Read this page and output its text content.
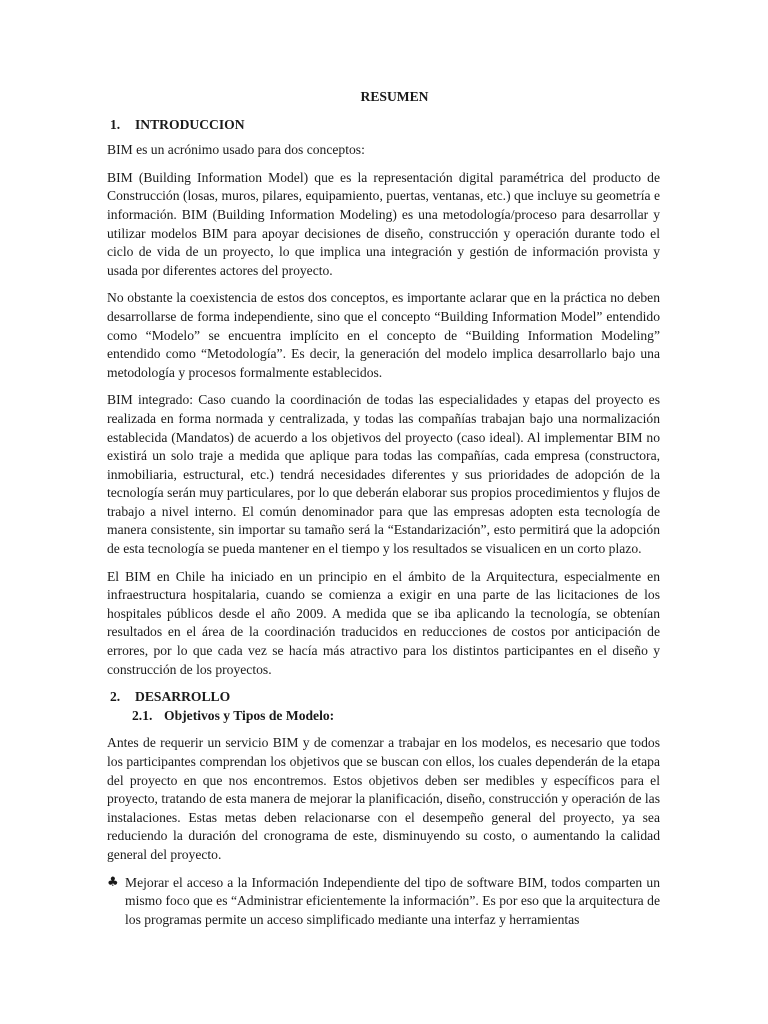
RESUMEN
1.	INTRODUCCION

BIM es un acrónimo usado para dos conceptos:

BIM (Building Information Model) que es la representación digital paramétrica del producto de Construcción (losas, muros, pilares, equipamiento, puertas, ventanas, etc.) que incluye su geometría e información. BIM (Building Information Modeling) es una metodología/proceso para desarrollar y utilizar modelos BIM para apoyar decisiones de diseño, construcción y operación durante todo el ciclo de vida de un proyecto, lo que implica una integración y gestión de información provista y usada por diferentes actores del proyecto.

No obstante la coexistencia de estos dos conceptos, es importante aclarar que en la práctica no deben desarrollarse de forma independiente, sino que el concepto “Building Information Model” entendido como “Modelo” se encuentra implícito en el concepto de “Building Information Modeling” entendido como “Metodología”. Es decir, la generación del modelo implica desarrollarlo bajo una metodología y procesos formalmente establecidos.

BIM integrado: Caso cuando la coordinación de todas las especialidades y etapas del proyecto es realizada en forma normada y centralizada, y todas las compañías trabajan bajo una normalización establecida (Mandatos) de acuerdo a los objetivos del proyecto (caso ideal). Al implementar BIM no existirá un solo traje a medida que aplique para todas las compañías, cada empresa (constructora, inmobiliaria, estructural, etc.) tendrá necesidades diferentes y sus prioridades de adopción de la tecnología serán muy particulares, por lo que deberán elaborar sus propios procedimientos y flujos de trabajo a nivel interno. El común denominador para que las empresas adopten esta tecnología de manera consistente, sin importar su tamaño será la “Estandarización”, esto permitirá que la adopción de esta tecnología se pueda mantener en el tiempo y los resultados se visualicen en un corto plazo.

El BIM en Chile ha iniciado en un principio en el ámbito de la Arquitectura, especialmente en infraestructura hospitalaria, cuando se comienza a exigir en una parte de las licitaciones de los hospitales públicos desde el año 2009. A medida que se iba aplicando la tecnología, se obtenían resultados en el área de la coordinación traducidos en reducciones de costos por anticipación de errores, por lo que cada vez se hacía más atractivo para los distintos participantes en el diseño y construcción de los proyectos.

2.	DESARROLLO
2.1. Objetivos y Tipos de Modelo:

Antes de requerir un servicio BIM y de comenzar a trabajar en los modelos, es necesario que todos los participantes comprendan los objetivos que se buscan con ellos, los cuales dependerán de la etapa del proyecto en que nos encontremos. Estos objetivos deben ser medibles y específicos para el proyecto, tratando de esta manera de mejorar la planificación, diseño, construcción y operación de las instalaciones. Estas metas deben relacionarse con el desempeño general del proyecto, ya sea reduciendo la duración del cronograma de este, disminuyendo su costo, o aumentando la calidad general del proyecto.

♣ Mejorar el acceso a la Información Independiente del tipo de software BIM, todos comparten un mismo foco que es “Administrar eficientemente la información”. Es por eso que la arquitectura de los programas permite un acceso simplificado mediante una interfaz y herramientas
